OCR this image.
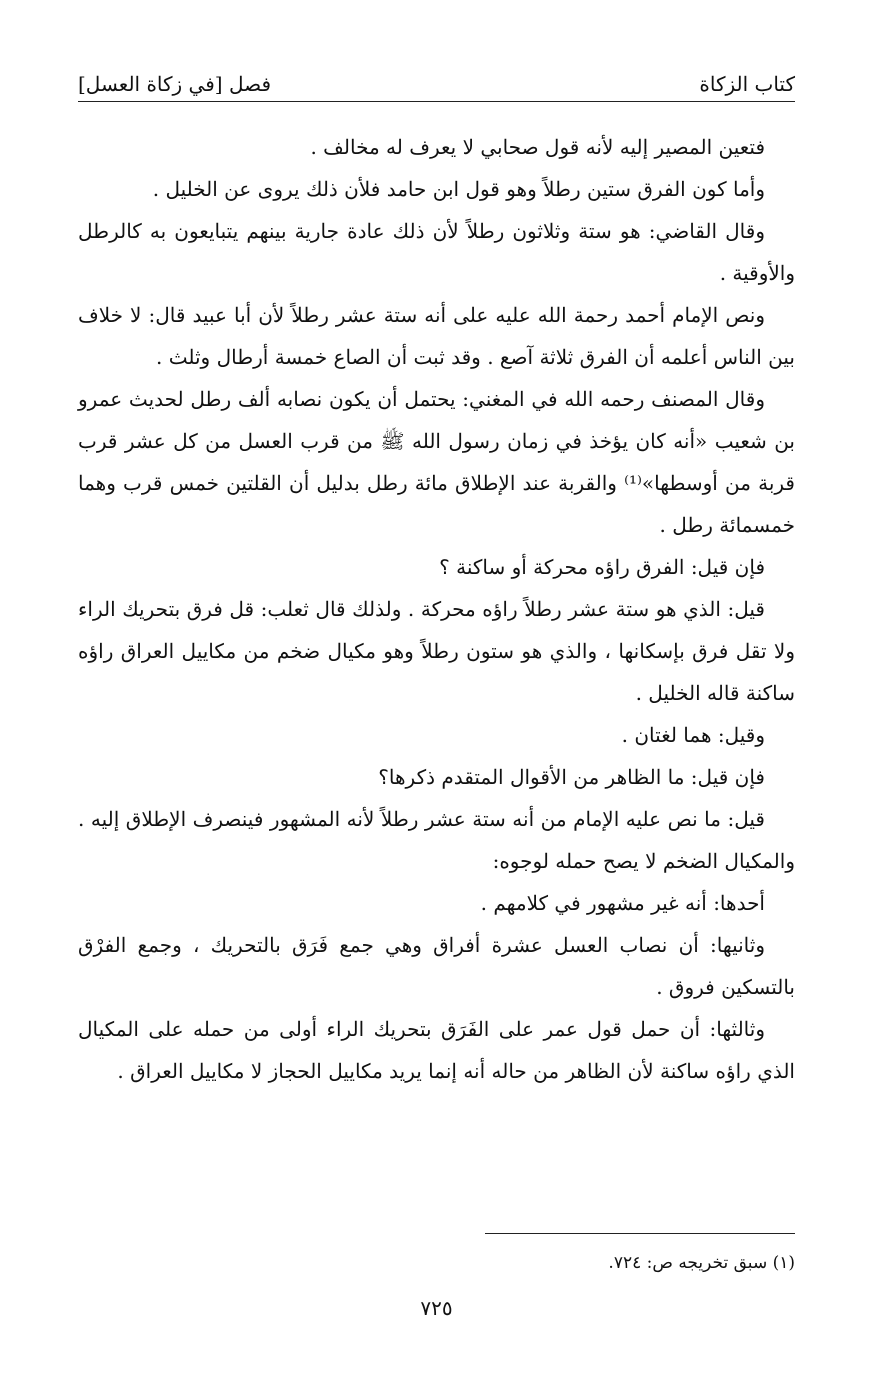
كتاب الزكاة
فصل [في زكاة العسل]

فتعين المصير إليه لأنه قول صحابي لا يعرف له مخالف .

وأما كون الفرق ستين رطلاً وهو قول ابن حامد فلأن ذلك يروى عن الخليل .

وقال القاضي: هو ستة وثلاثون رطلاً لأن ذلك عادة جارية بينهم يتبايعون به كالرطل والأوقية .

ونص الإمام أحمد رحمة الله عليه على أنه ستة عشر رطلاً لأن أبا عبيد قال: لا خلاف بين الناس أعلمه أن الفرق ثلاثة آصع . وقد ثبت أن الصاع خمسة أرطال وثلث .

وقال المصنف رحمه الله في المغني: يحتمل أن يكون نصابه ألف رطل لحديث عمرو بن شعيب «أنه كان يؤخذ في زمان رسول الله ﷺ من قرب العسل من كل عشر قرب قربة من أوسطها»⁽¹⁾ والقربة عند الإطلاق مائة رطل بدليل أن القلتين خمس قرب وهما خمسمائة رطل .

فإن قيل: الفرق راؤه محركة أو ساكنة ؟

قيل: الذي هو ستة عشر رطلاً راؤه محركة . ولذلك قال ثعلب: قل فرق بتحريك الراء ولا تقل فرق بإسكانها ، والذي هو ستون رطلاً وهو مكيال ضخم من مكاييل العراق راؤه ساكنة قاله الخليل .

وقيل: هما لغتان .

فإن قيل: ما الظاهر من الأقوال المتقدم ذكرها؟

قيل: ما نص عليه الإمام من أنه ستة عشر رطلاً لأنه المشهور فينصرف الإطلاق إليه . والمكيال الضخم لا يصح حمله لوجوه:

أحدها: أنه غير مشهور في كلامهم .

وثانيها: أن نصاب العسل عشرة أفراق وهي جمع فَرَق بالتحريك ، وجمع الفرْق بالتسكين فروق .

وثالثها: أن حمل قول عمر على الفَرَق بتحريك الراء أولى من حمله على المكيال الذي راؤه ساكنة لأن الظاهر من حاله أنه إنما يريد مكاييل الحجاز لا مكاييل العراق .

(١) سبق تخريجه ص: ٧٢٤.
٧٢٥
